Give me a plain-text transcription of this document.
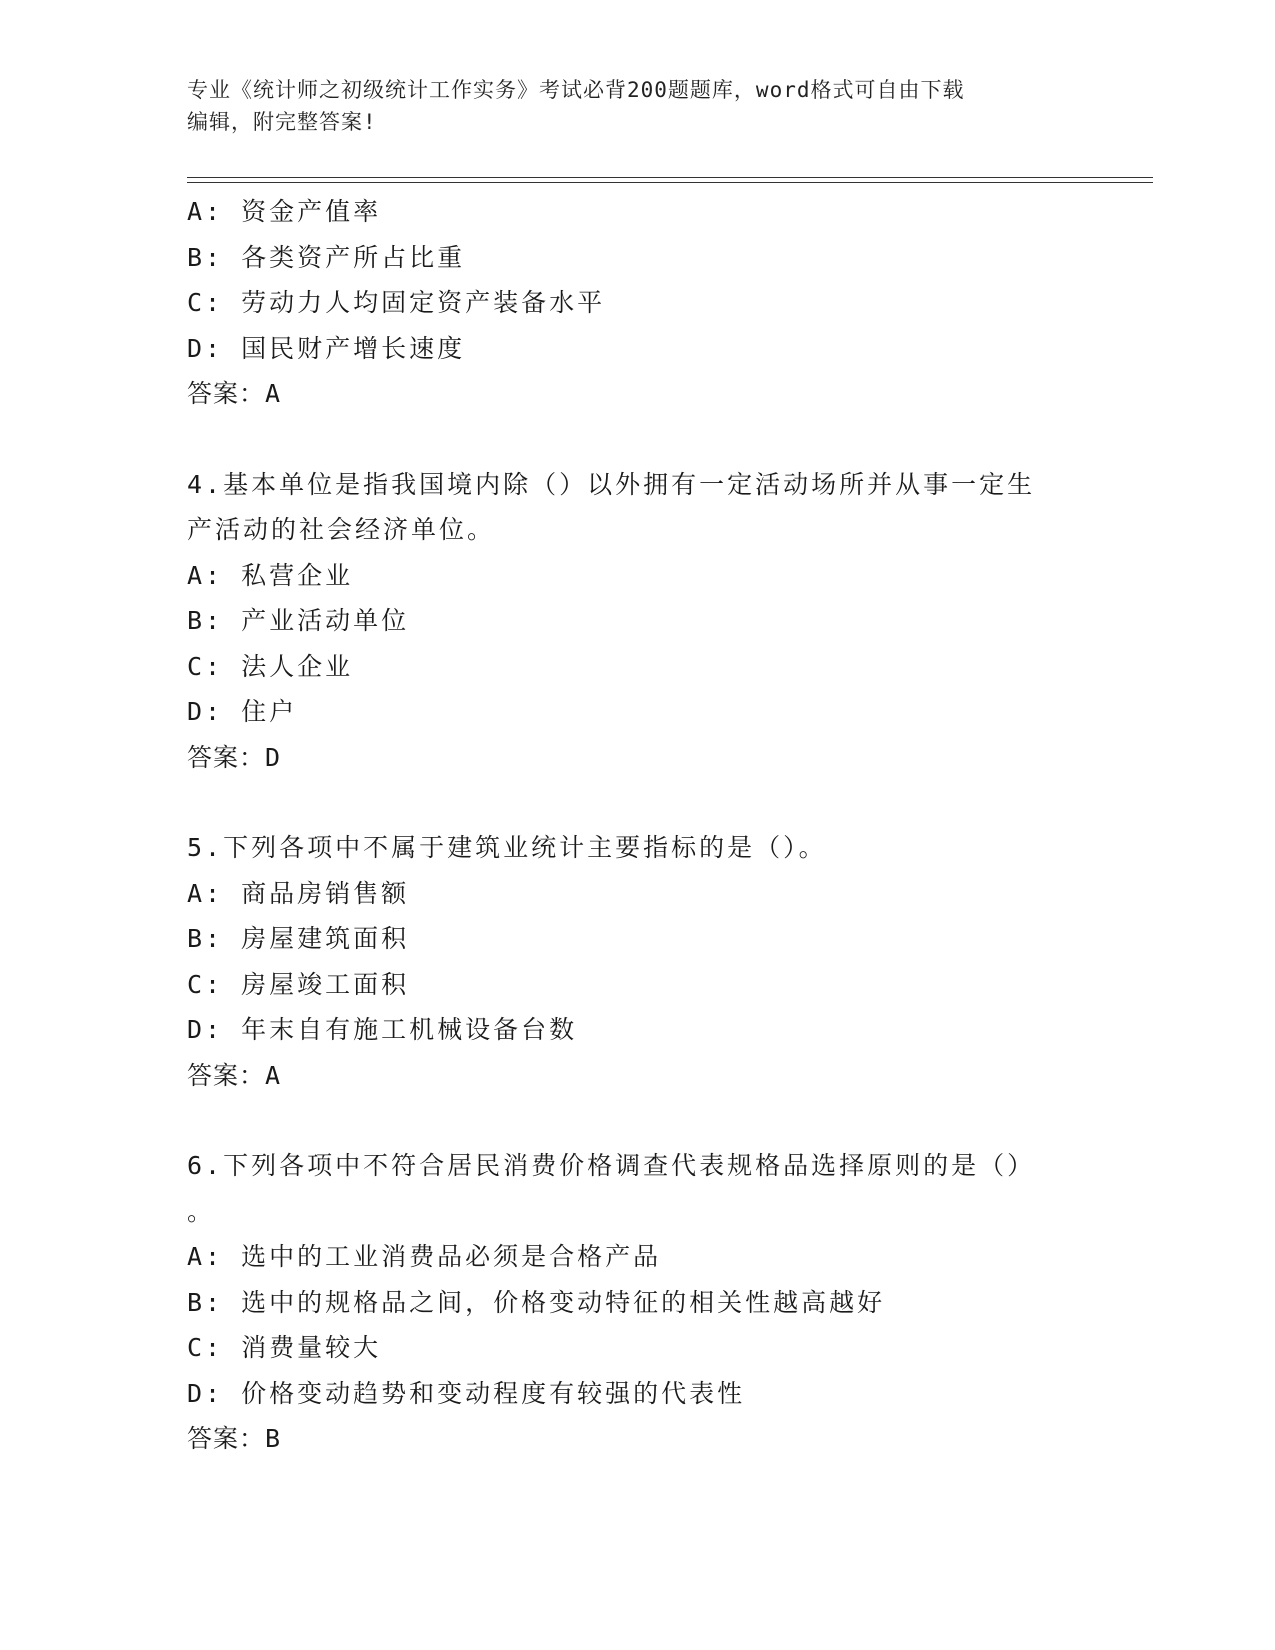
专业《统计师之初级统计工作实务》考试必背200题题库，word格式可自由下载
编辑，附完整答案!
A: 资金产值率
B: 各类资产所占比重
C: 劳动力人均固定资产装备水平
D: 国民财产增长速度
答案：A
4.基本单位是指我国境内除（）以外拥有一定活动场所并从事一定生
产活动的社会经济单位。
A: 私营企业
B: 产业活动单位
C: 法人企业
D: 住户
答案：D
5.下列各项中不属于建筑业统计主要指标的是（）。
A: 商品房销售额
B: 房屋建筑面积
C: 房屋竣工面积
D: 年末自有施工机械设备台数
答案：A
6.下列各项中不符合居民消费价格调查代表规格品选择原则的是（）
。
A: 选中的工业消费品必须是合格产品
B: 选中的规格品之间，价格变动特征的相关性越高越好
C: 消费量较大
D: 价格变动趋势和变动程度有较强的代表性
答案：B
